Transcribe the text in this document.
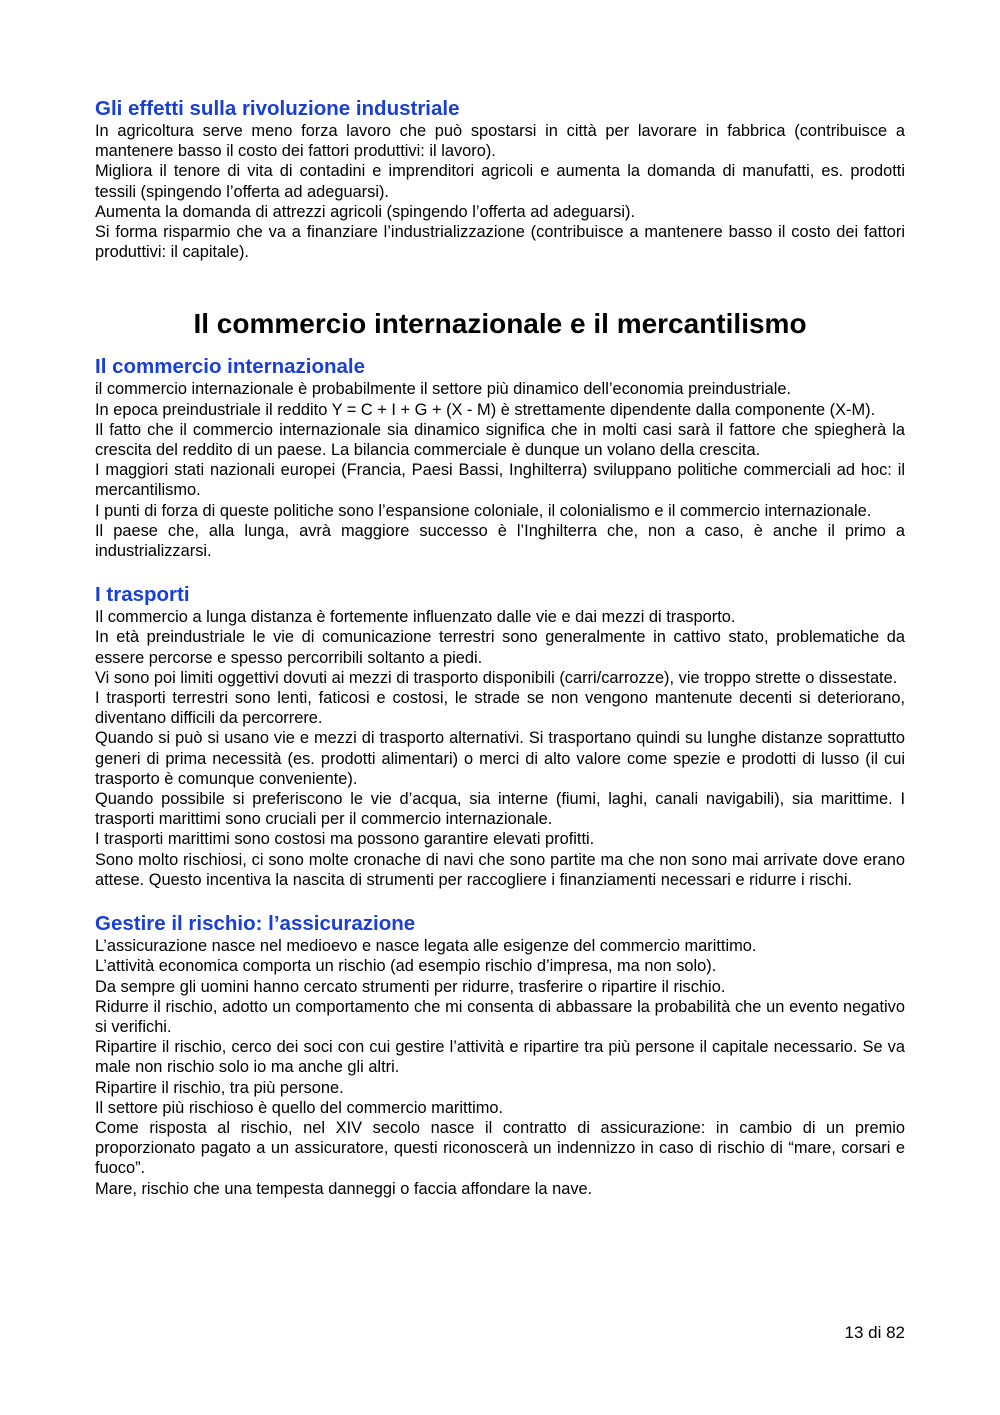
Gli effetti sulla rivoluzione industriale

In agricoltura serve meno forza lavoro che può spostarsi in città per lavorare in fabbrica (contribuisce a mantenere basso il costo dei fattori produttivi: il lavoro).

Migliora il tenore di vita di contadini e imprenditori agricoli e aumenta la domanda di manufatti, es. prodotti tessili (spingendo l’offerta ad adeguarsi).

Aumenta la domanda di attrezzi agricoli (spingendo l’offerta ad adeguarsi).

Si forma risparmio che va a finanziare l’industrializzazione (contribuisce a mantenere basso il costo dei fattori produttivi: il capitale).

Il commercio internazionale e il mercantilismo
Il commercio internazionale

il commercio internazionale è probabilmente il settore più dinamico dell’economia preindustriale.

In epoca preindustriale il reddito Y = C + I + G + (X - M) è strettamente dipendente dalla componente (X-M).

Il fatto che il commercio internazionale sia dinamico significa che in molti casi sarà il fattore che spiegherà la crescita del reddito di un paese. La bilancia commerciale è dunque un volano della crescita.

I maggiori stati nazionali europei (Francia, Paesi Bassi, Inghilterra) sviluppano politiche commerciali ad hoc: il mercantilismo.

I punti di forza di queste politiche sono l’espansione coloniale, il colonialismo e il commercio internazionale.

Il paese che, alla lunga, avrà maggiore successo è l’Inghilterra che, non a caso, è anche il primo a industrializzarsi.

I trasporti

Il commercio a lunga distanza è fortemente influenzato dalle vie e dai mezzi di trasporto.

In età preindustriale le vie di comunicazione terrestri sono generalmente in cattivo stato, problematiche da essere percorse e spesso percorribili soltanto a piedi.

Vi sono poi limiti oggettivi dovuti ai mezzi di trasporto disponibili (carri/carrozze), vie troppo strette o dissestate.

I trasporti terrestri sono lenti, faticosi e costosi, le strade se non vengono mantenute decenti si deteriorano, diventano difficili da percorrere.

Quando si può si usano vie e mezzi di trasporto alternativi. Si trasportano quindi su lunghe distanze soprattutto generi di prima necessità (es. prodotti alimentari) o merci di alto valore come spezie e prodotti di lusso (il cui trasporto è comunque conveniente).

Quando possibile si preferiscono le vie d’acqua, sia interne (fiumi, laghi, canali navigabili), sia marittime. I trasporti marittimi sono cruciali per il commercio internazionale.

I trasporti marittimi sono costosi ma possono garantire elevati profitti.

Sono molto rischiosi, ci sono molte cronache di navi che sono partite ma che non sono mai arrivate dove erano attese. Questo incentiva la nascita di strumenti per raccogliere i finanziamenti necessari e ridurre i rischi.

Gestire il rischio: l’assicurazione

L’assicurazione nasce nel medioevo e nasce legata alle esigenze del commercio marittimo.

L’attività economica comporta un rischio (ad esempio rischio d’impresa, ma non solo).

Da sempre gli uomini hanno cercato strumenti per ridurre, trasferire o ripartire il rischio.

Ridurre il rischio, adotto un comportamento che mi consenta di abbassare la probabilità che un evento negativo si verifichi.

Ripartire il rischio, cerco dei soci con cui gestire l’attività e ripartire tra più persone il capitale necessario. Se va male non rischio solo io ma anche gli altri.

Ripartire il rischio, tra più persone.

Il settore più rischioso è quello del commercio marittimo.

Come risposta al rischio, nel XIV secolo nasce il contratto di assicurazione: in cambio di un premio proporzionato pagato a un assicuratore, questi riconoscerà un indennizzo in caso di rischio di “mare, corsari e fuoco”.

Mare, rischio che una tempesta danneggi o faccia affondare la nave.

13 di 82
